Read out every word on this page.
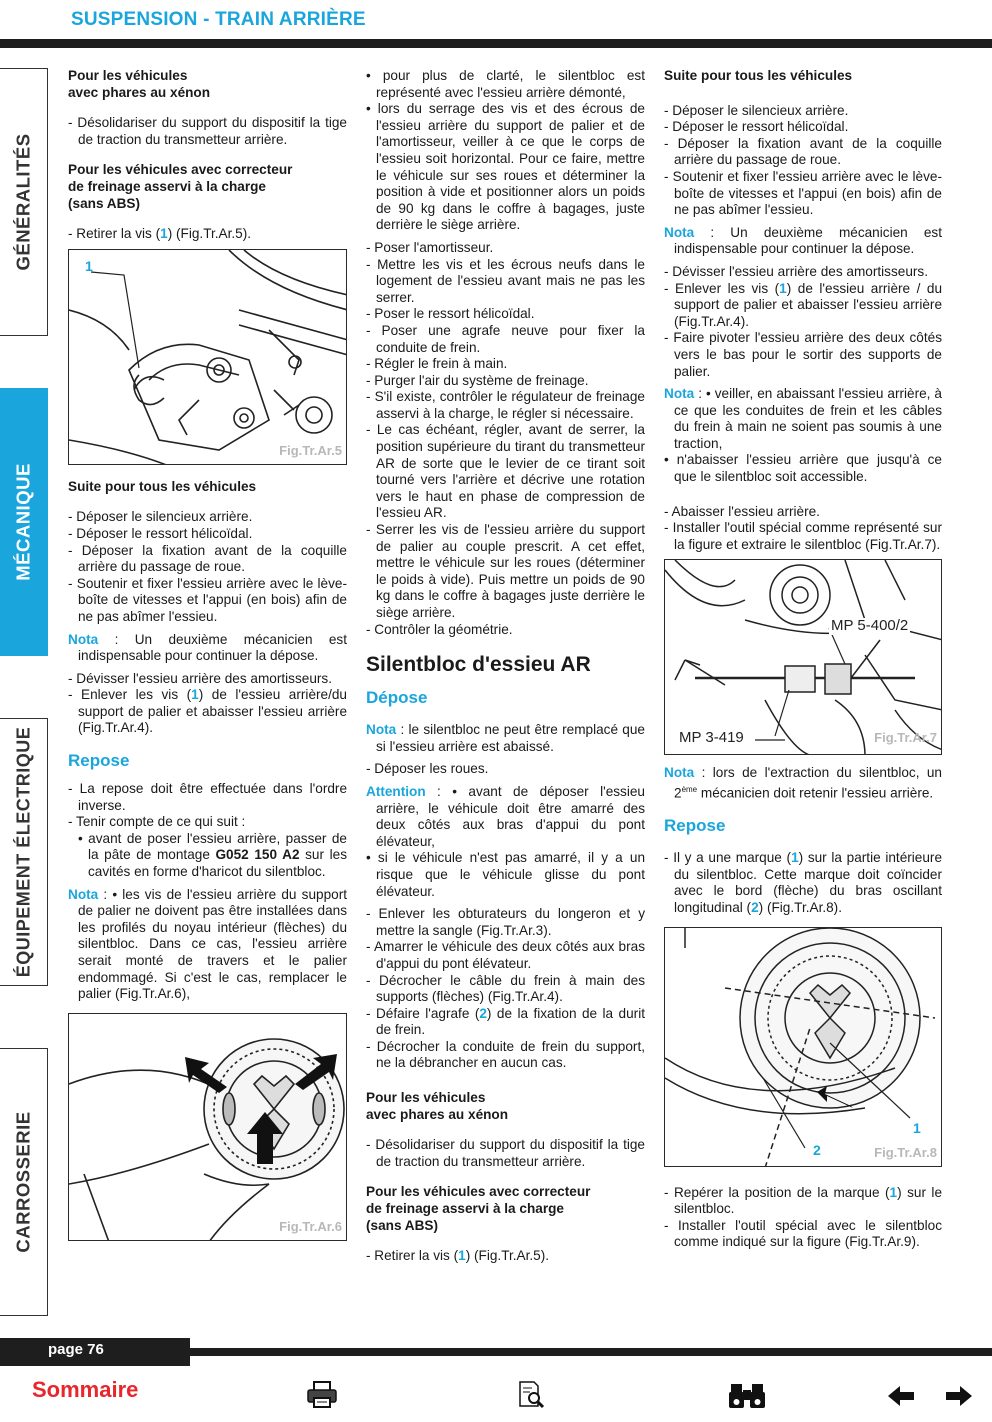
SUSPENSION - TRAIN ARRIÈRE
GÉNÉRALITÉS
MÉCANIQUE
ÉQUIPEMENT ÉLECTRIQUE
CARROSSERIE
Pour les véhicules
avec phares au xénon
- Désolidariser du support du dispositif la tige de traction du transmetteur arrière.
Pour les véhicules avec correcteur
de freinage asservi à la charge
(sans ABS)
- Retirer la vis (1) (Fig.Tr.Ar.5).
1
Fig.Tr.Ar.5
Suite pour tous les véhicules
- Déposer le silencieux arrière.
- Déposer le ressort hélicoïdal.
- Déposer la fixation avant de la coquille arrière du passage de roue.
- Soutenir et fixer l'essieu arrière avec le lève-boîte de vitesses et l'appui (en bois) afin de ne pas abîmer l'essieu.
Nota : Un deuxième mécanicien est indispensable pour continuer la dépose.
- Dévisser l'essieu arrière des amortisseurs.
- Enlever les vis (1) de l'essieu arrière/du support de palier et abaisser l'essieu arrière (Fig.Tr.Ar.4).
Repose
- La repose doit être effectuée dans l'ordre inverse.
- Tenir compte de ce qui suit :
• avant de poser l'essieu arrière, passer de la pâte de montage G052 150 A2 sur les cavités en forme d'haricot du silentbloc.
Nota : • les vis de l'essieu arrière du support de palier ne doivent pas être installées dans les profilés du noyau intérieur (flèches) du silentbloc. Dans ce cas, l'essieu arrière serait monté de travers et le palier endommagé. Si c'est le cas, remplacer le palier (Fig.Tr.Ar.6),
Fig.Tr.Ar.6
• pour plus de clarté, le silentbloc est représenté avec l'essieu arrière démonté,
• lors du serrage des vis et des écrous de l'essieu arrière du support de palier et de l'amortisseur, veiller à ce que le corps de l'essieu soit horizontal. Pour ce faire, mettre le véhicule sur ses roues et déterminer la position à vide et positionner alors un poids de 90 kg dans le coffre à bagages, juste derrière le siège arrière.
- Poser l'amortisseur.
- Mettre les vis et les écrous neufs dans le logement de l'essieu avant mais ne pas les serrer.
- Poser le ressort hélicoïdal.
- Poser une agrafe neuve pour fixer la conduite de frein.
- Régler le frein à main.
- Purger l'air du système de freinage.
- S'il existe, contrôler le régulateur de freinage asservi à la charge, le régler si nécessaire.
- Le cas échéant, régler, avant de serrer, la position supérieure du tirant du transmetteur AR de sorte que le levier de ce tirant soit tourné vers l'arrière et décrive une rotation vers le haut en phase de compression de l'essieu AR.
- Serrer les vis de l'essieu arrière du support de palier au couple prescrit. A cet effet, mettre le véhicule sur les roues (déterminer le poids à vide). Puis mettre un poids de 90 kg dans le coffre à bagages juste derrière le siège arrière.
- Contrôler la géométrie.
Silentbloc d'essieu AR
Dépose
Nota : le silentbloc ne peut être remplacé que si l'essieu arrière est abaissé.
- Déposer les roues.
Attention : • avant de déposer l'essieu arrière, le véhicule doit être amarré des deux côtés aux bras d'appui du pont élévateur,
• si le véhicule n'est pas amarré, il y a un risque que le véhicule glisse du pont élévateur.
- Enlever les obturateurs du longeron et y mettre la sangle (Fig.Tr.Ar.3).
- Amarrer le véhicule des deux côtés aux bras d'appui du pont élévateur.
- Décrocher le câble du frein à main des supports (flèches) (Fig.Tr.Ar.4).
- Défaire l'agrafe (2) de la fixation de la durit de frein.
- Décrocher la conduite de frein du support, ne la débrancher en aucun cas.
Pour les véhicules
avec phares au xénon
- Désolidariser du support du dispositif la tige de traction du transmetteur arrière.
Pour les véhicules avec correcteur
de freinage asservi à la charge
(sans ABS)
- Retirer la vis (1) (Fig.Tr.Ar.5).
Suite pour tous les véhicules
- Déposer le silencieux arrière.
- Déposer le ressort hélicoïdal.
- Déposer la fixation avant de la coquille arrière du passage de roue.
- Soutenir et fixer l'essieu arrière avec le lève-boîte de vitesses et l'appui (en bois) afin de ne pas abîmer l'essieu.
Nota : Un deuxième mécanicien est indispensable pour continuer la dépose.
- Dévisser l'essieu arrière des amortisseurs.
- Enlever les vis (1) de l'essieu arrière / du support de palier et abaisser l'essieu arrière (Fig.Tr.Ar.4).
- Faire pivoter l'essieu arrière des deux côtés vers le bas pour le sortir des supports de palier.
Nota : • veiller, en abaissant l'essieu arrière, à ce que les conduites de frein et les câbles du frein à main ne soient pas soumis à une traction,
• n'abaisser l'essieu arrière que jusqu'à ce que le silentbloc soit accessible.
- Abaisser l'essieu arrière.
- Installer l'outil spécial comme représenté sur la figure et extraire le silentbloc (Fig.Tr.Ar.7).
MP 5-400/2
MP 3-419	Fig.Tr.Ar.7
Nota : lors de l'extraction du silentbloc, un 2ème mécanicien doit retenir l'essieu arrière.
Repose
- Il y a une marque (1) sur la partie intérieure du silentbloc. Cette marque doit coïncider avec le bord (flèche) du bras oscillant longitudinal (2) (Fig.Tr.Ar.8).
1
2	Fig.Tr.Ar.8
- Repérer la position de la marque (1) sur le silentbloc.
- Installer l'outil spécial avec le silentbloc comme indiqué sur la figure (Fig.Tr.Ar.9).
page 76
Sommaire
